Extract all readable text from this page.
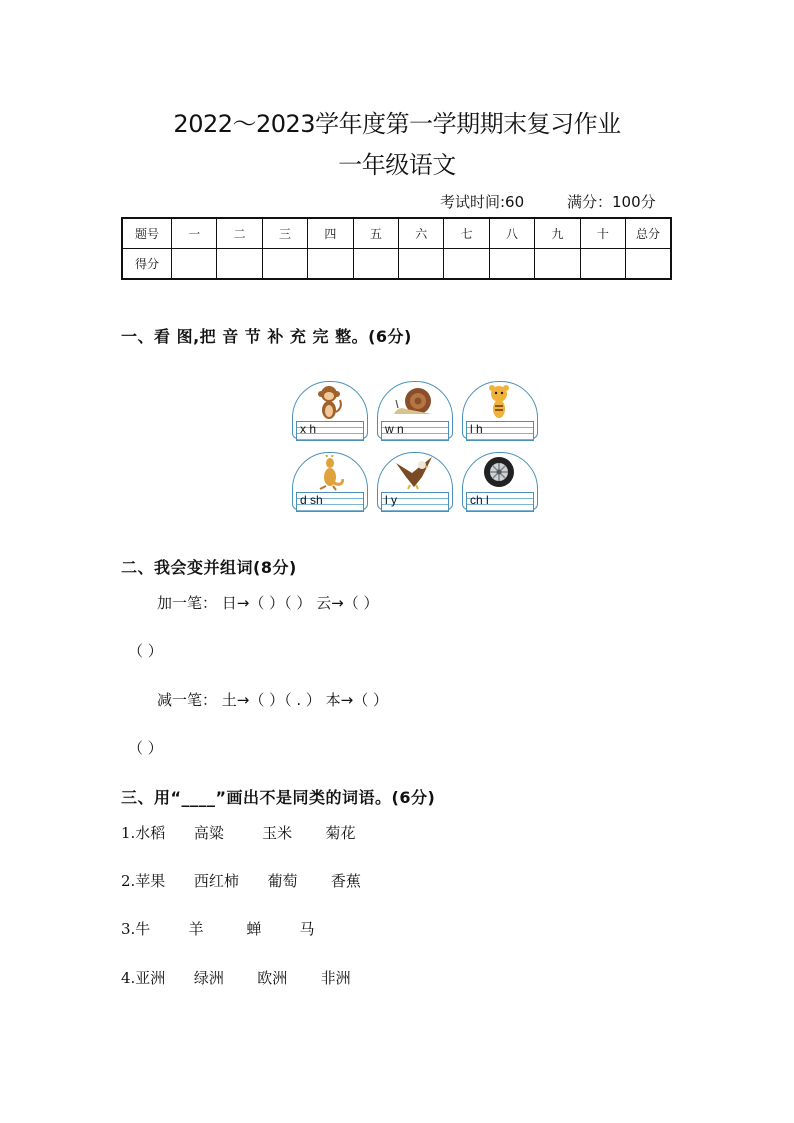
2022～2023学年度第一学期期末复习作业
一年级语文
考试时间:60	满分：100分
题号	一	二	三	四	五	六	七	八	九	十	总分
得分											
一、看 图,把 音 节 补 充 完 整。(6分)
x h	w n	l h
d sh	l y	ch l
二、我会变并组词(8分)
加一笔： 日→（ ）（ ） 云→（ ）
（ ）
减一笔： 土→（ ）（ . ） 本→（ ）
（ ）
三、用“____”画出不是同类的词语。(6分)
1.水稻      高粱        玉米       菊花
2.苹果      西红柿      葡萄       香蕉
3.牛        羊         蝉        马
4.亚洲      绿洲       欧洲       非洲
